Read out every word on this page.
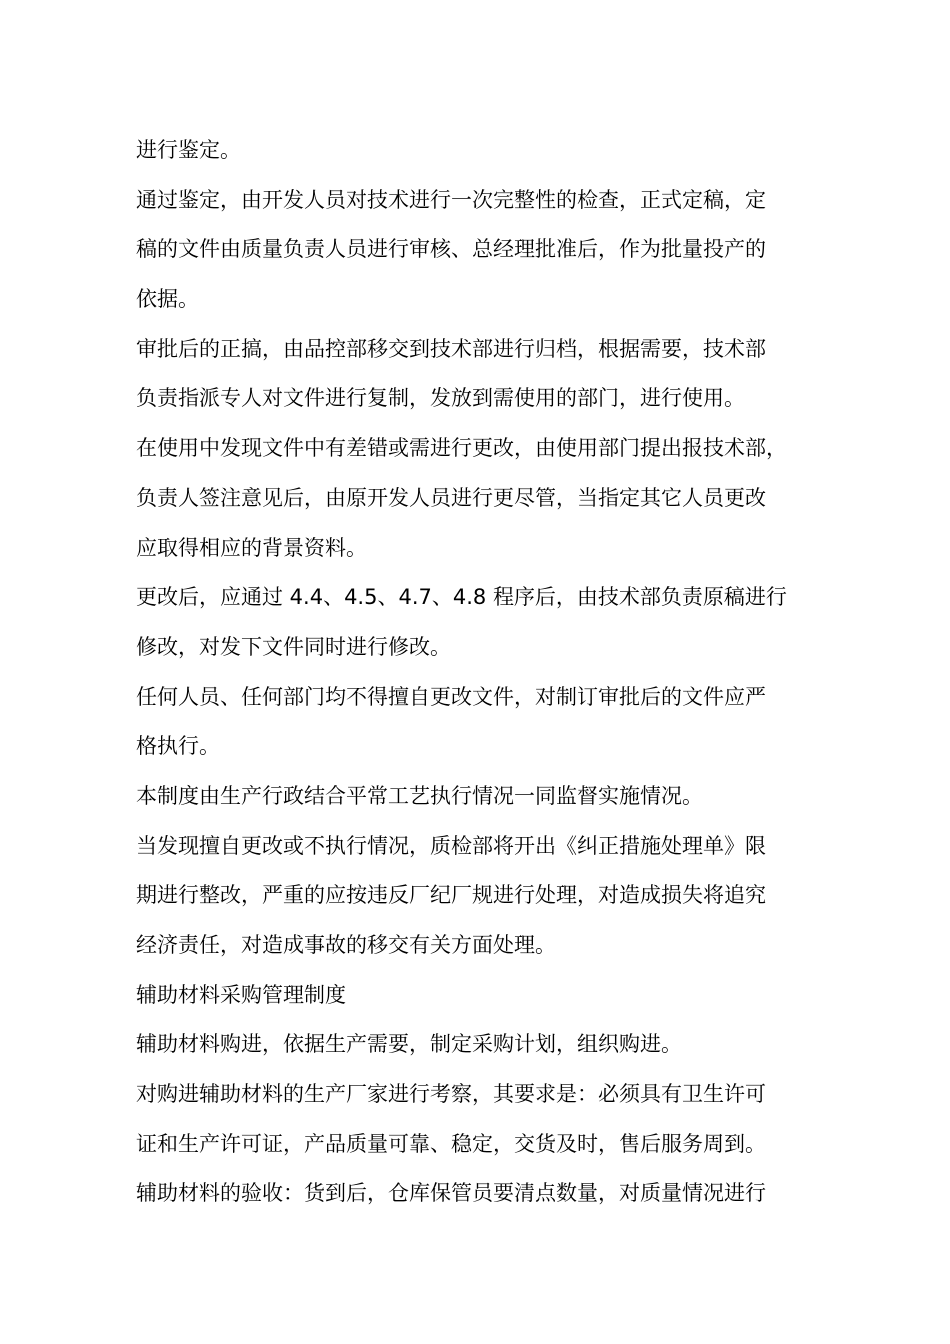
进行鉴定。
通过鉴定，由开发人员对技术进行一次完整性的检查，正式定稿，定
稿的文件由质量负责人员进行审核、总经理批准后，作为批量投产的
依据。
审批后的正搞，由品控部移交到技术部进行归档，根据需要，技术部
负责指派专人对文件进行复制，发放到需使用的部门，进行使用。
在使用中发现文件中有差错或需进行更改，由使用部门提出报技术部，
负责人签注意见后，由原开发人员进行更尽管，当指定其它人员更改
应取得相应的背景资料。
更改后，应通过 4.4、4.5、4.7、4.8 程序后，由技术部负责原稿进行
修改，对发下文件同时进行修改。
任何人员、任何部门均不得擅自更改文件，对制订审批后的文件应严
格执行。
本制度由生产行政结合平常工艺执行情况一同监督实施情况。
当发现擅自更改或不执行情况，质检部将开出《纠正措施处理单》限
期进行整改，严重的应按违反厂纪厂规进行处理，对造成损失将追究
经济责任，对造成事故的移交有关方面处理。
辅助材料采购管理制度
辅助材料购进，依据生产需要，制定采购计划，组织购进。
对购进辅助材料的生产厂家进行考察，其要求是：必须具有卫生许可
证和生产许可证，产品质量可靠、稳定，交货及时，售后服务周到。
辅助材料的验收：货到后，仓库保管员要清点数量，对质量情况进行
